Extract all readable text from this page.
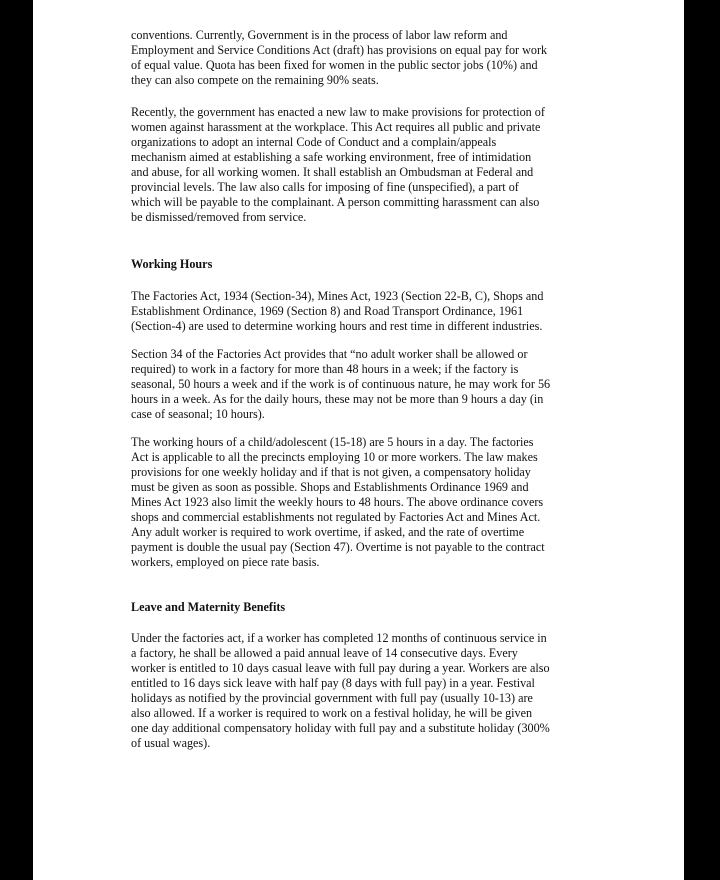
conventions. Currently, Government is in the process of labor law reform and
Employment and Service Conditions Act (draft) has provisions on equal pay for work
of equal value. Quota has been fixed for women in the public sector jobs (10%) and
they can also compete on the remaining 90% seats.

Recently, the government has enacted a new law to make provisions for protection of
women against harassment at the workplace. This Act requires all public and private
organizations to adopt an internal Code of Conduct and a complain/appeals
mechanism aimed at establishing a safe working environment, free of intimidation
and abuse, for all working women. It shall establish an Ombudsman at Federal and
provincial levels. The law also calls for imposing of fine (unspecified), a part of
which will be payable to the complainant. A person committing harassment can also
be dismissed/removed from service.

Working Hours

The Factories Act, 1934 (Section-34), Mines Act, 1923 (Section 22-B, C), Shops and
Establishment Ordinance, 1969 (Section 8) and Road Transport Ordinance, 1961
(Section-4) are used to determine working hours and rest time in different industries.

Section 34 of the Factories Act provides that “no adult worker shall be allowed or
required) to work in a factory for more than 48 hours in a week; if the factory is
seasonal, 50 hours a week and if the work is of continuous nature, he may work for 56
hours in a week. As for the daily hours, these may not be more than 9 hours a day (in
case of seasonal; 10 hours).

The working hours of a child/adolescent (15-18) are 5 hours in a day. The factories
Act is applicable to all the precincts employing 10 or more workers. The law makes
provisions for one weekly holiday and if that is not given, a compensatory holiday
must be given as soon as possible. Shops and Establishments Ordinance 1969 and
Mines Act 1923 also limit the weekly hours to 48 hours. The above ordinance covers
shops and commercial establishments not regulated by Factories Act and Mines Act.
Any adult worker is required to work overtime, if asked, and the rate of overtime
payment is double the usual pay (Section 47). Overtime is not payable to the contract
workers, employed on piece rate basis.

Leave and Maternity Benefits

Under the factories act, if a worker has completed 12 months of continuous service in
a factory, he shall be allowed a paid annual leave of 14 consecutive days. Every
worker is entitled to 10 days casual leave with full pay during a year. Workers are also
entitled to 16 days sick leave with half pay (8 days with full pay) in a year. Festival
holidays as notified by the provincial government with full pay (usually 10-13) are
also allowed. If a worker is required to work on a festival holiday, he will be given
one day additional compensatory holiday with full pay and a substitute holiday (300%
of usual wages).
